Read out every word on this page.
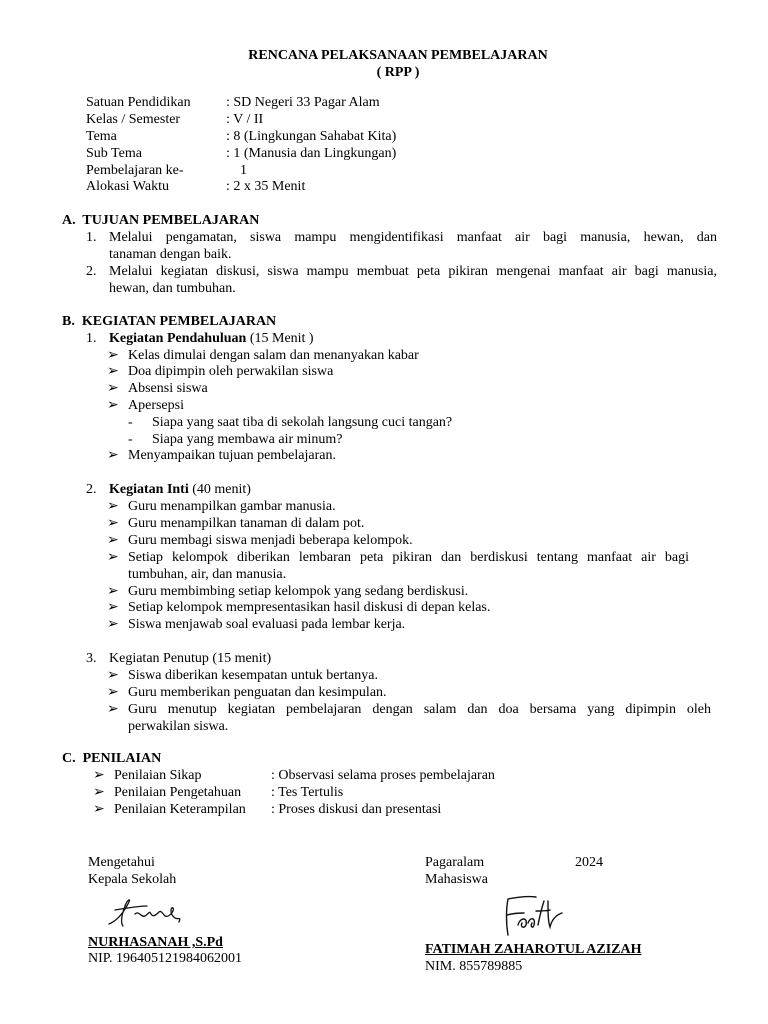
RENCANA PELAKSANAAN PEMBELAJARAN
( RPP )
Satuan Pendidikan	: SD Negeri 33 Pagar Alam
Kelas / Semester	: V / II
Tema	: 8 (Lingkungan Sahabat Kita)
Sub Tema	: 1 (Manusia dan Lingkungan)
Pembelajaran ke-	1
Alokasi Waktu	: 2 x 35 Menit
A.  TUJUAN PEMBELAJARAN
1. Melalui pengamatan, siswa mampu mengidentifikasi manfaat air bagi manusia, hewan, dan
tanaman dengan baik.
2. Melalui kegiatan diskusi, siswa mampu membuat peta pikiran mengenai manfaat air bagi manusia,
hewan, dan tumbuhan.
B.  KEGIATAN PEMBELAJARAN
1. Kegiatan Pendahuluan (15 Menit )
➢ Kelas dimulai dengan salam dan menanyakan kabar
➢ Doa dipimpin oleh perwakilan siswa
➢ Absensi siswa
➢ Apersepsi
- Siapa yang saat tiba di sekolah langsung cuci tangan?
- Siapa yang membawa air minum?
➢ Menyampaikan tujuan pembelajaran.
2. Kegiatan Inti (40 menit)
➢ Guru menampilkan gambar manusia.
➢ Guru menampilkan tanaman di dalam pot.
➢ Guru membagi siswa menjadi beberapa kelompok.
➢ Setiap kelompok diberikan lembaran peta pikiran dan berdiskusi tentang manfaat air bagi
tumbuhan, air, dan manusia.
➢ Guru membimbing setiap kelompok yang sedang berdiskusi.
➢ Setiap kelompok mempresentasikan hasil diskusi di depan kelas.
➢ Siswa menjawab soal evaluasi pada lembar kerja.
3. Kegiatan Penutup (15 menit)
➢ Siswa diberikan kesempatan untuk bertanya.
➢ Guru memberikan penguatan dan kesimpulan.
➢ Guru menutup kegiatan pembelajaran dengan salam dan doa bersama yang dipimpin oleh
perwakilan siswa.
C.  PENILAIAN
➢ Penilaian Sikap	: Observasi selama proses pembelajaran
➢ Penilaian Pengetahuan : Tes Tertulis
➢ Penilaian Keterampilan : Proses diskusi dan presentasi
Mengetahui
Kepala Sekolah
NURHASANAH ,S.Pd
NIP. 196405121984062001
Pagaralam	2024
Mahasiswa
FATIMAH ZAHAROTUL AZIZAH
NIM. 855789885
